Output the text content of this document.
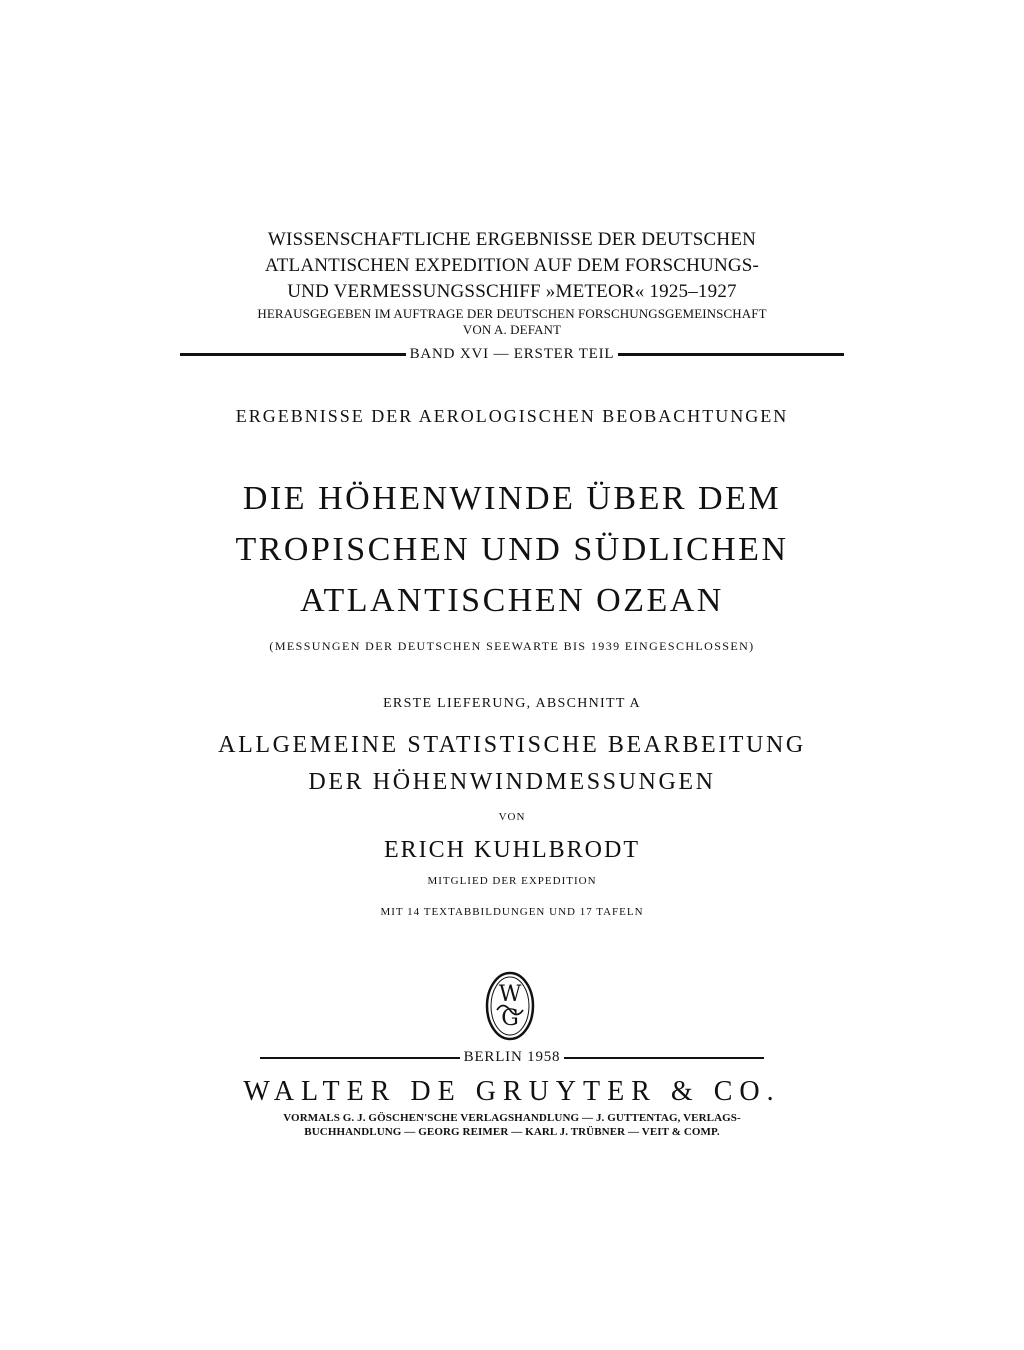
WISSENSCHAFTLICHE ERGEBNISSE DER DEUTSCHEN
ATLANTISCHEN EXPEDITION AUF DEM FORSCHUNGS-
UND VERMESSUNGSSCHIFF »METEOR« 1925–1927
HERAUSGEGEBEN IM AUFTRAGE DER DEUTSCHEN FORSCHUNGSGEMEINSCHAFT
VON A. DEFANT
BAND XVI — ERSTER TEIL
ERGEBNISSE DER AEROLOGISCHEN BEOBACHTUNGEN
DIE HÖHENWINDE ÜBER DEM
TROPISCHEN UND SÜDLICHEN
ATLANTISCHEN OZEAN
(MESSUNGEN DER DEUTSCHEN SEEWARTE BIS 1939 EINGESCHLOSSEN)
ERSTE LIEFERUNG, ABSCHNITT A
ALLGEMEINE STATISTISCHE BEARBEITUNG
DER HÖHENWINDMESSUNGEN
VON
ERICH KUHLBRODT
MITGLIED DER EXPEDITION
MIT 14 TEXTABBILDUNGEN UND 17 TAFELN
W
G
BERLIN 1958
WALTER DE GRUYTER & CO.
VORMALS G. J. GÖSCHEN'SCHE VERLAGSHANDLUNG — J. GUTTENTAG, VERLAGS-
BUCHHANDLUNG — GEORG REIMER — KARL J. TRÜBNER — VEIT & COMP.
